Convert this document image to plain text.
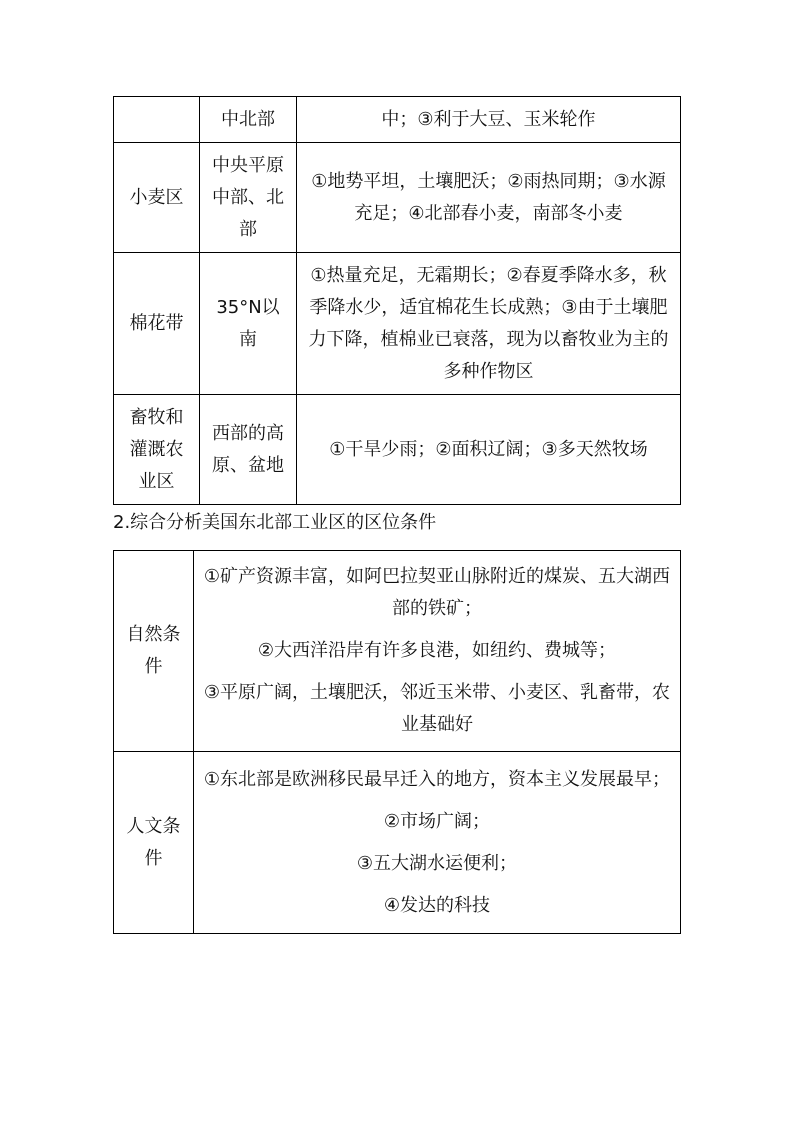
	中北部	中；③利于大豆、玉米轮作
小麦区	中央平原中部、北部	①地势平坦，土壤肥沃；②雨热同期；③水源充足；④北部春小麦，南部冬小麦
棉花带	35°N以南	①热量充足，无霜期长；②春夏季降水多，秋季降水少，适宜棉花生长成熟；③由于土壤肥力下降，植棉业已衰落，现为以畜牧业为主的多种作物区
畜牧和灌溉农业区	西部的高原、盆地	①干旱少雨；②面积辽阔；③多天然牧场

2.综合分析美国东北部工业区的区位条件

自然条件	①矿产资源丰富，如阿巴拉契亚山脉附近的煤炭、五大湖西部的铁矿；

②大西洋沿岸有许多良港，如纽约、费城等；

③平原广阔，土壤肥沃，邻近玉米带、小麦区、乳畜带，农业基础好

人文条件	①东北部是欧洲移民最早迁入的地方，资本主义发展最早；

②市场广阔；

③五大湖水运便利；

④发达的科技
